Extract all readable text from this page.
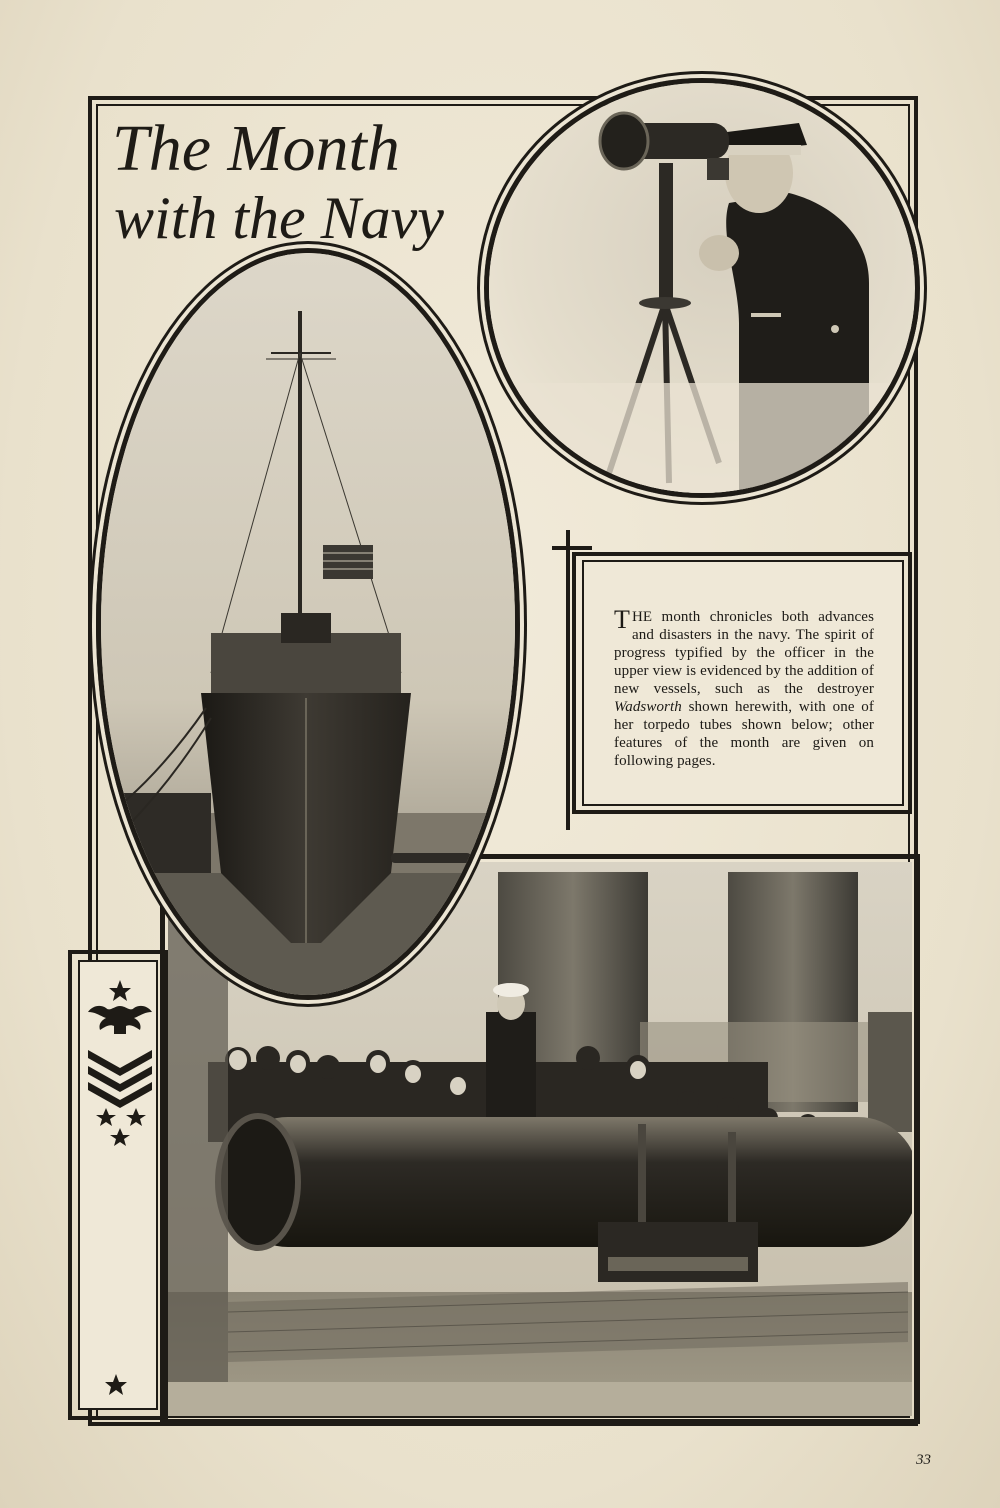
The Month
with the Navy
THE month chronicles both advances and disasters in the navy. The spirit of progress typified by the officer in the upper view is evidenced by the addition of new vessels, such as the destroyer Wadsworth shown herewith, with one of her torpedo tubes shown below; other features of the month are given on following pages.
33
